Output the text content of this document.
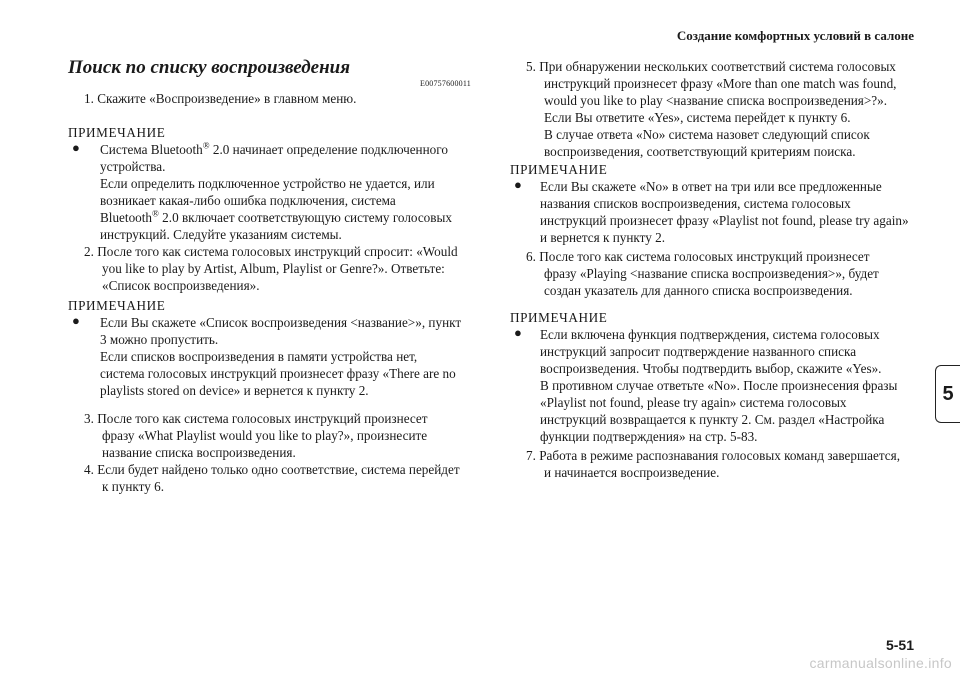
Создание комфортных условий в салоне
Поиск по списку воспроизведения
E00757600011
1. Скажите «Воспроизведение» в главном меню.
ПРИМЕЧАНИЕ
● Система Bluetooth® 2.0 начинает определение подключенного
устройства.
Если определить подключенное устройство не удается, или
возникает какая-либо ошибка подключения, система
Bluetooth® 2.0 включает соответствующую систему голосовых
инструкций. Следуйте указаниям системы.
2. После того как система голосовых инструкций спросит: «Would
you like to play by Artist, Album, Playlist or Genre?». Ответьте:
«Список воспроизведения».
ПРИМЕЧАНИЕ
● Если Вы скажете «Список воспроизведения <название>», пункт
3 можно пропустить.
Если списков воспроизведения в памяти устройства нет,
система голосовых инструкций произнесет фразу «There are no
playlists stored on device» и вернется к пункту 2.
3. После того как система голосовых инструкций произнесет
фразу «What Playlist would you like to play?», произнесите
название списка воспроизведения.
4. Если будет найдено только одно соответствие, система перейдет
к пункту 6.
5. При обнаружении нескольких соответствий система голосовых
инструкций произнесет фразу «More than one match was found,
would you like to play <название списка воспроизведения>?».
Если Вы ответите «Yes», система перейдет к пункту 6.
В случае ответа «No» система назовет следующий список
воспроизведения, соответствующий критериям поиска.
ПРИМЕЧАНИЕ
● Если Вы скажете «No» в ответ на три или все предложенные
названия списков воспроизведения, система голосовых
инструкций произнесет фразу «Playlist not found, please try again»
и вернется к пункту 2.
6. После того как система голосовых инструкций произнесет
фразу «Playing <название списка воспроизведения>», будет
создан указатель для данного списка воспроизведения.
ПРИМЕЧАНИЕ
● Если включена функция подтверждения, система голосовых
инструкций запросит подтверждение названного списка
воспроизведения. Чтобы подтвердить выбор, скажите «Yes».
В противном случае ответьте «No». После произнесения фразы
«Playlist not found, please try again» система голосовых
инструкций возвращается к пункту 2. См. раздел «Настройка
функции подтверждения» на стр. 5-83.
7. Работа в режиме распознавания голосовых команд завершается,
и начинается воспроизведение.
5
5-51
carmanualsonline.info
